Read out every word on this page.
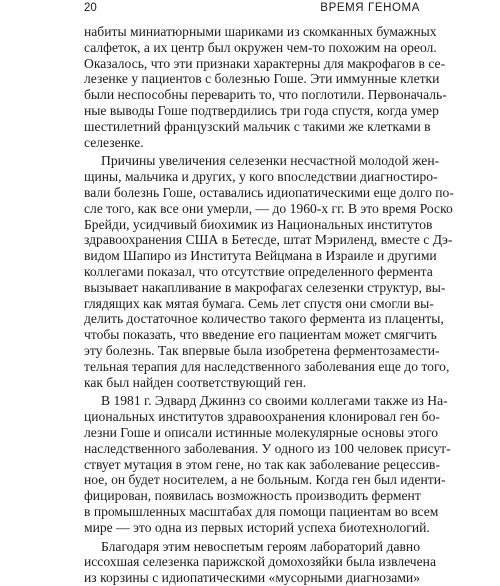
20	ВРЕМЯ ГЕНОМА
набиты миниатюрными шариками из скомканных бумажных
салфеток, а их центр был окружен чем-то похожим на ореол.
Оказалось, что эти признаки характерны для макрофагов в се-
лезенке у пациентов с болезнью Гоше. Эти иммунные клетки
были неспособны переварить то, что поглотили. Первоначаль-
ные выводы Гоше подтвердились три года спустя, когда умер
шестилетний французский мальчик с такими же клетками в
селезенке.
Причины увеличения селезенки несчастной молодой жен-
щины, мальчика и других, у кого впоследствии диагностиро-
вали болезнь Гоше, оставались идиопатическими еще долго по-
сле того, как все они умерли, — до 1960-х гг. В это время Роско
Брейди, усидчивый биохимик из Национальных институтов
здравоохранения США в Бетесде, штат Мэриленд, вместе с Дэ-
видом Шапиро из Института Вейцмана в Израиле и другими
коллегами показал, что отсутствие определенного фермента
вызывает накапливание в макрофагах селезенки структур, вы-
глядящих как мятая бумага. Семь лет спустя они смогли вы-
делить достаточное количество такого фермента из плаценты,
чтобы показать, что введение его пациентам может смягчить
эту болезнь. Так впервые была изобретена ферментозамести-
тельная терапия для наследственного заболевания еще до того,
как был найден соответствующий ген.
В 1981 г. Эдвард Джиннз со своими коллегами также из На-
циональных институтов здравоохранения клонировал ген бо-
лезни Гоше и описали истинные молекулярные основы этого
наследственного заболевания. У одного из 100 человек присут-
ствует мутация в этом гене, но так как заболевание рецессив-
ное, он будет носителем, а не больным. Когда ген был иденти-
фицирован, появилась возможность производить фермент
в промышленных масштабах для помощи пациентам во всем
мире — это одна из первых историй успеха биотехнологий.
Благодаря этим невоспетым героям лабораторий давно
иссохшая селезенка парижской домохозяйки была извлечена
из корзины с идиопатическими «мусорными диагнозами»
